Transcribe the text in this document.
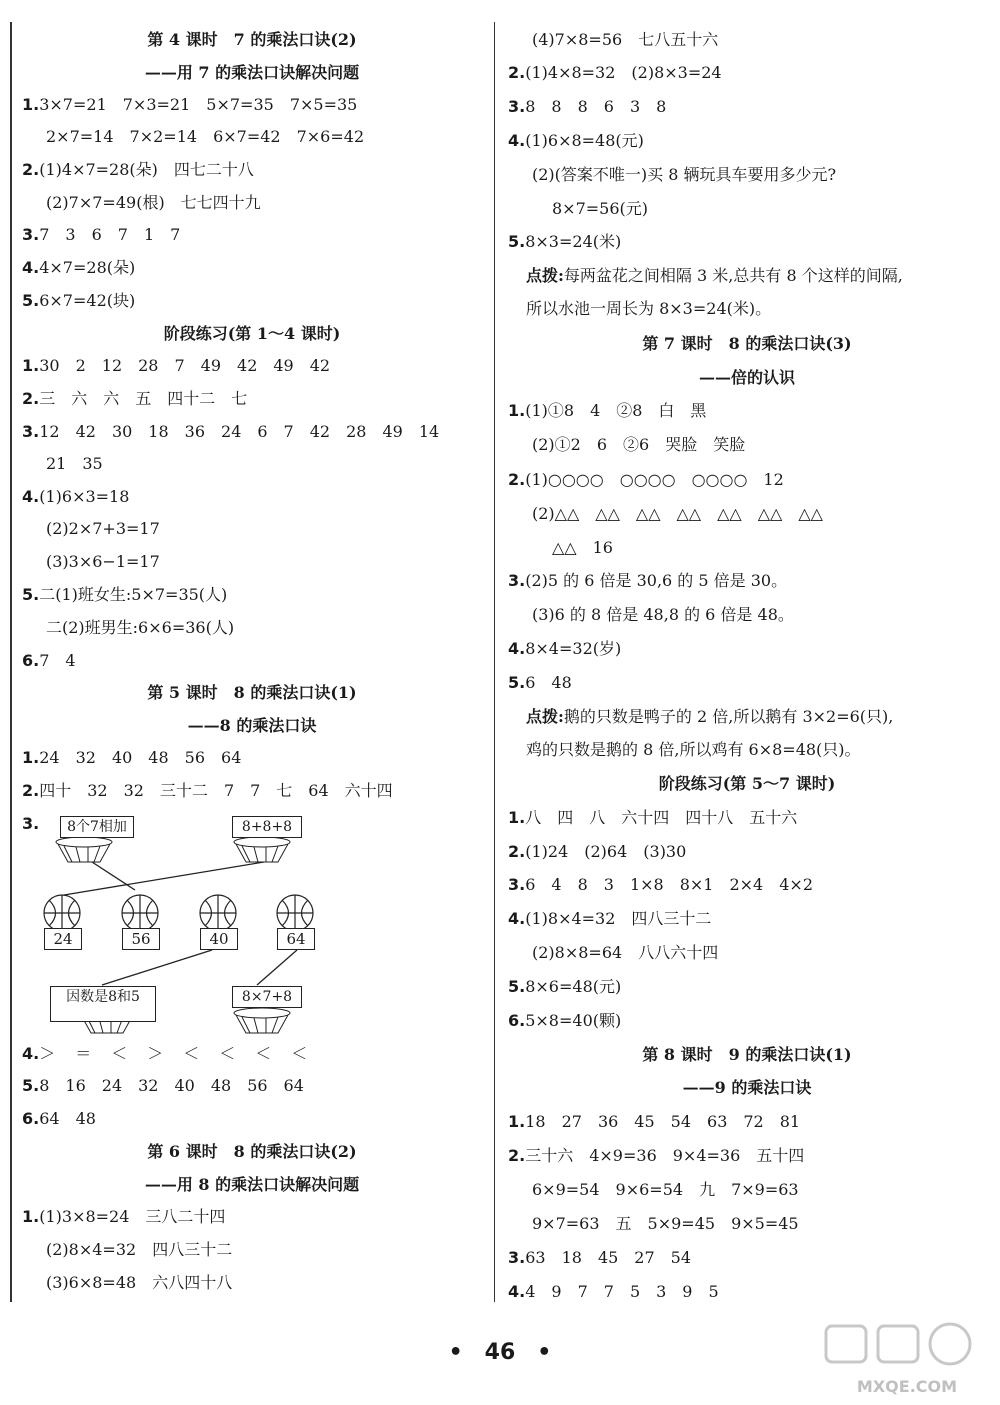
第 4 课时　7 的乘法口诀(2)
——用 7 的乘法口诀解决问题
1.3×7=21　7×3=21　5×7=35　7×5=35
2×7=14　7×2=14　6×7=42　7×6=42
2.(1)4×7=28(朵)　四七二十八
(2)7×7=49(根)　七七四十九
3.7　3　6　7　1　7
4.4×7=28(朵)
5.6×7=42(块)
阶段练习(第 1～4 课时)
1.30　2　12　28　7　49　42　49　42
2.三　六　六　五　四十二　七
3.12　42　30　18　36　24　6　7　42　28　49　14
21　35
4.(1)6×3=18
(2)2×7+3=17
(3)3×6−1=17
5.二(1)班女生:5×7=35(人)
二(2)班男生:6×6=36(人)
6.7　4
第 5 课时　8 的乘法口诀(1)
——8 的乘法口诀
1.24　32　40　48　56　64
2.四十　32　32　三十二　7　7　七　64　六十四
3.
4.＞　＝　＜　＞　＜　＜　＜　＜
5.8　16　24　32　40　48　56　64
6.64　48
第 6 课时　8 的乘法口诀(2)
——用 8 的乘法口诀解决问题
1.(1)3×8=24　三八二十四
(2)8×4=32　四八三十二
(3)6×8=48　六八四十八
8个7相加	8+8+8
24	56	40	64
因数是8和5	8×7+8
(4)7×8=56　七八五十六
2.(1)4×8=32　(2)8×3=24
3.8　8　8　6　3　8
4.(1)6×8=48(元)
(2)(答案不唯一)买 8 辆玩具车要用多少元?
8×7=56(元)
5.8×3=24(米)
点拨:每两盆花之间相隔 3 米,总共有 8 个这样的间隔,
所以水池一周长为 8×3=24(米)。
第 7 课时　8 的乘法口诀(3)
——倍的认识
1.(1)①8　4　②8　白　黑
(2)①2　6　②6　哭脸　笑脸
2.(1)○○○○　○○○○　○○○○　12
(2)△△　△△　△△　△△　△△　△△　△△
△△　16
3.(2)5 的 6 倍是 30,6 的 5 倍是 30。
(3)6 的 8 倍是 48,8 的 6 倍是 48。
4.8×4=32(岁)
5.6　48
点拨:鹅的只数是鸭子的 2 倍,所以鹅有 3×2=6(只),
鸡的只数是鹅的 8 倍,所以鸡有 6×8=48(只)。
阶段练习(第 5～7 课时)
1.八　四　八　六十四　四十八　五十六
2.(1)24　(2)64　(3)30
3.6　4　8　3　1×8　8×1　2×4　4×2
4.(1)8×4=32　四八三十二
(2)8×8=64　八八六十四
5.8×6=48(元)
6.5×8=40(颗)
第 8 课时　9 的乘法口诀(1)
——9 的乘法口诀
1.18　27　36　45　54　63　72　81
2.三十六　4×9=36　9×4=36　五十四
6×9=54　9×6=54　九　7×9=63
9×7=63　五　5×9=45　9×5=45
3.63　18　45　27　54
4.4　9　7　7　5　3　9　5
•　46　•
MXQE.COM
